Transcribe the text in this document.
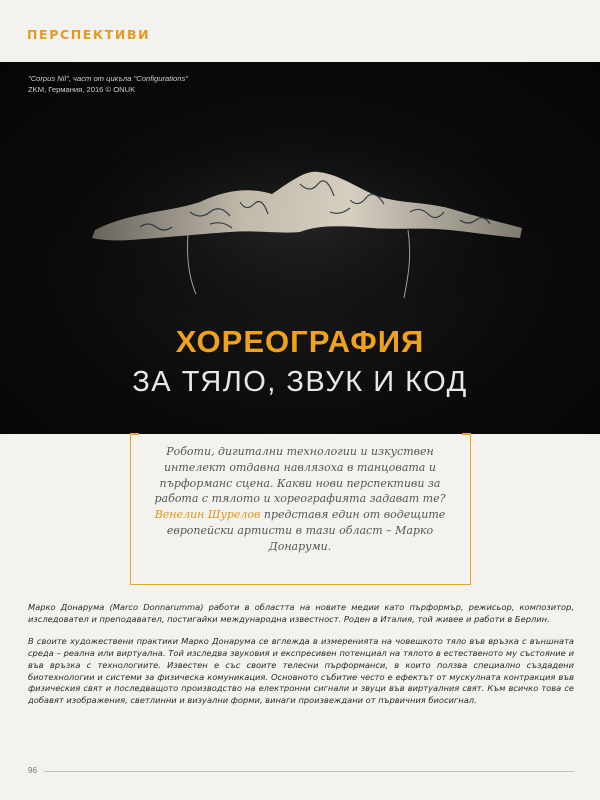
ПЕРСПЕКТИВИ
"Corpus Nil", част от цикъла "Configurations"
ZKM, Германия, 2016 © ONUK
ХОРЕОГРАФИЯ
ЗА ТЯЛО, ЗВУК И КОД
Роботи, дигитални технологии и изкуствен интелект отдавна навлязоха в танцовата и пърформанс сцена. Какви нови перспективи за работа с тялото и хореографията задават те? Венелин Шурелов представя един от водещите европейски артисти в тази област – Марко Донаруми.

Марко Донарума (Marco Donnarumma) работи в областта на новите медии като пърформър, режисьор, композитор, изследовател и преподавател, постигайки международна известност. Роден в Италия, той живее и работи в Берлин.

В своите художествени практики Марко Донарума се вглежда в измеренията на човешкото тяло във връзка с външната среда – реална или виртуална. Той изследва звуковия и експресивен потенциал на тялото в естественото му състояние и във връзка с технологиите. Известен е със своите телесни пърформанси, в които ползва специално създадени биотехнологии и системи за физическа комуникация. Основното събитие често е ефектът от мускулната контракция във физическия свят и последващото производство на електронни сигнали и звуци във виртуалния свят. Към всичко това се добавят изображения, светлинни и визуални форми, винаги произвеждани от първичния биосигнал.

96
